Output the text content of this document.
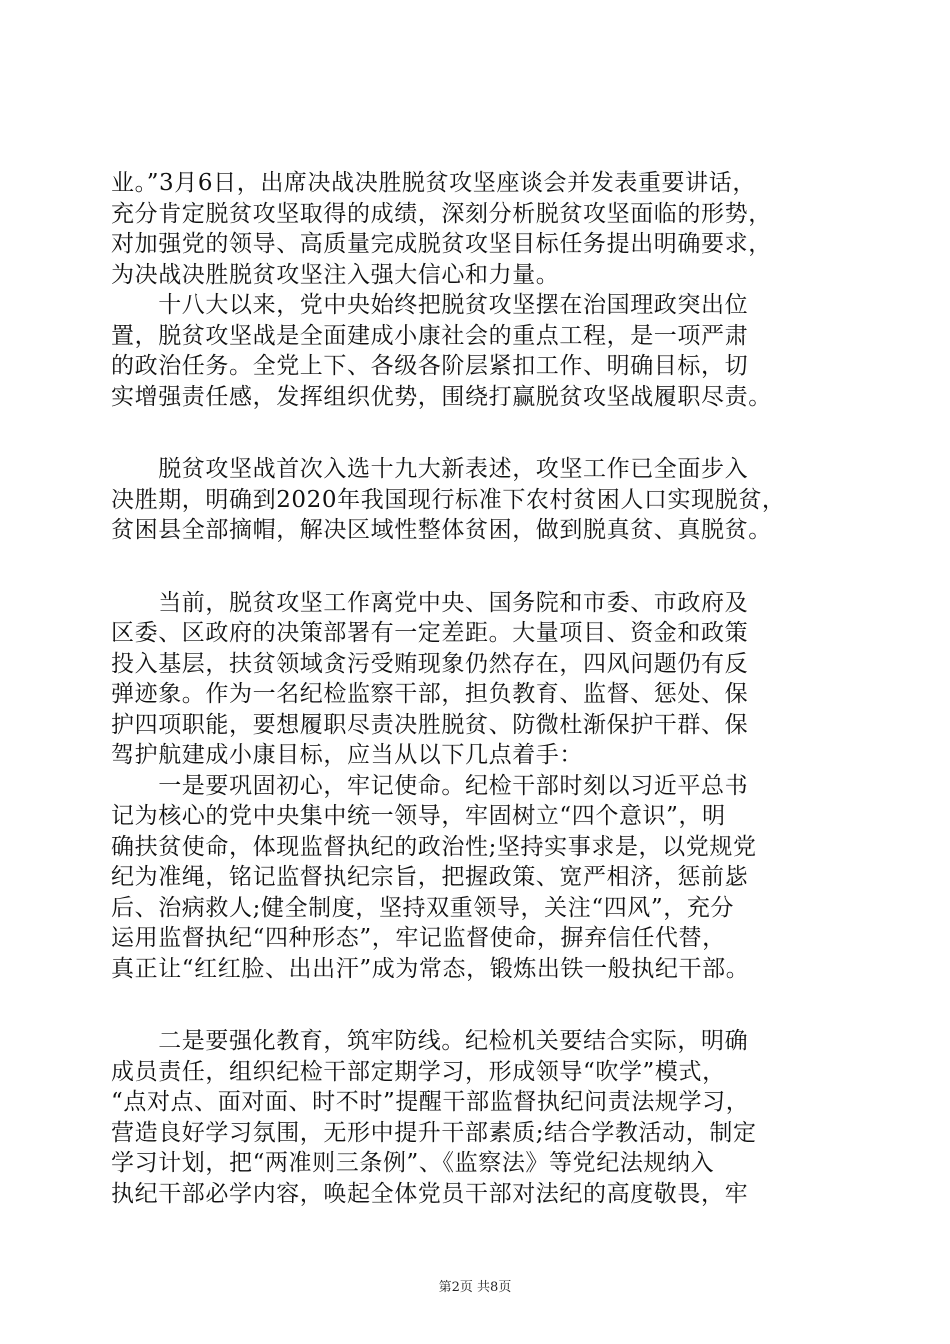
业。”3月6日，出席决战决胜脱贫攻坚座谈会并发表重要讲话，
充分肯定脱贫攻坚取得的成绩，深刻分析脱贫攻坚面临的形势，
对加强党的领导、高质量完成脱贫攻坚目标任务提出明确要求，
为决战决胜脱贫攻坚注入强大信心和力量。
　　十八大以来，党中央始终把脱贫攻坚摆在治国理政突出位
置，脱贫攻坚战是全面建成小康社会的重点工程，是一项严肃
的政治任务。全党上下、各级各阶层紧扣工作、明确目标，切
实增强责任感，发挥组织优势，围绕打赢脱贫攻坚战履职尽责。
　　脱贫攻坚战首次入选十九大新表述，攻坚工作已全面步入
决胜期，明确到2020年我国现行标准下农村贫困人口实现脱贫，
贫困县全部摘帽，解决区域性整体贫困，做到脱真贫、真脱贫。
　　当前，脱贫攻坚工作离党中央、国务院和市委、市政府及
区委、区政府的决策部署有一定差距。大量项目、资金和政策
投入基层，扶贫领域贪污受贿现象仍然存在，四风问题仍有反
弹迹象。作为一名纪检监察干部，担负教育、监督、惩处、保
护四项职能，要想履职尽责决胜脱贫、防微杜渐保护干群、保
驾护航建成小康目标，应当从以下几点着手：
　　一是要巩固初心，牢记使命。纪检干部时刻以习近平总书
记为核心的党中央集中统一领导，牢固树立“四个意识”，明
确扶贫使命，体现监督执纪的政治性;坚持实事求是，以党规党
纪为准绳，铭记监督执纪宗旨，把握政策、宽严相济，惩前毖
后、治病救人;健全制度，坚持双重领导，关注“四风”，充分
运用监督执纪“四种形态”，牢记监督使命，摒弃信任代替，
真正让“红红脸、出出汗”成为常态，锻炼出铁一般执纪干部。
　　二是要强化教育，筑牢防线。纪检机关要结合实际，明确
成员责任，组织纪检干部定期学习，形成领导“吹学”模式，
“点对点、面对面、时不时”提醒干部监督执纪问责法规学习，
营造良好学习氛围，无形中提升干部素质;结合学教活动，制定
学习计划，把“两准则三条例”、《监察法》等党纪法规纳入
执纪干部必学内容，唤起全体党员干部对法纪的高度敬畏，牢
第2页 共8页
